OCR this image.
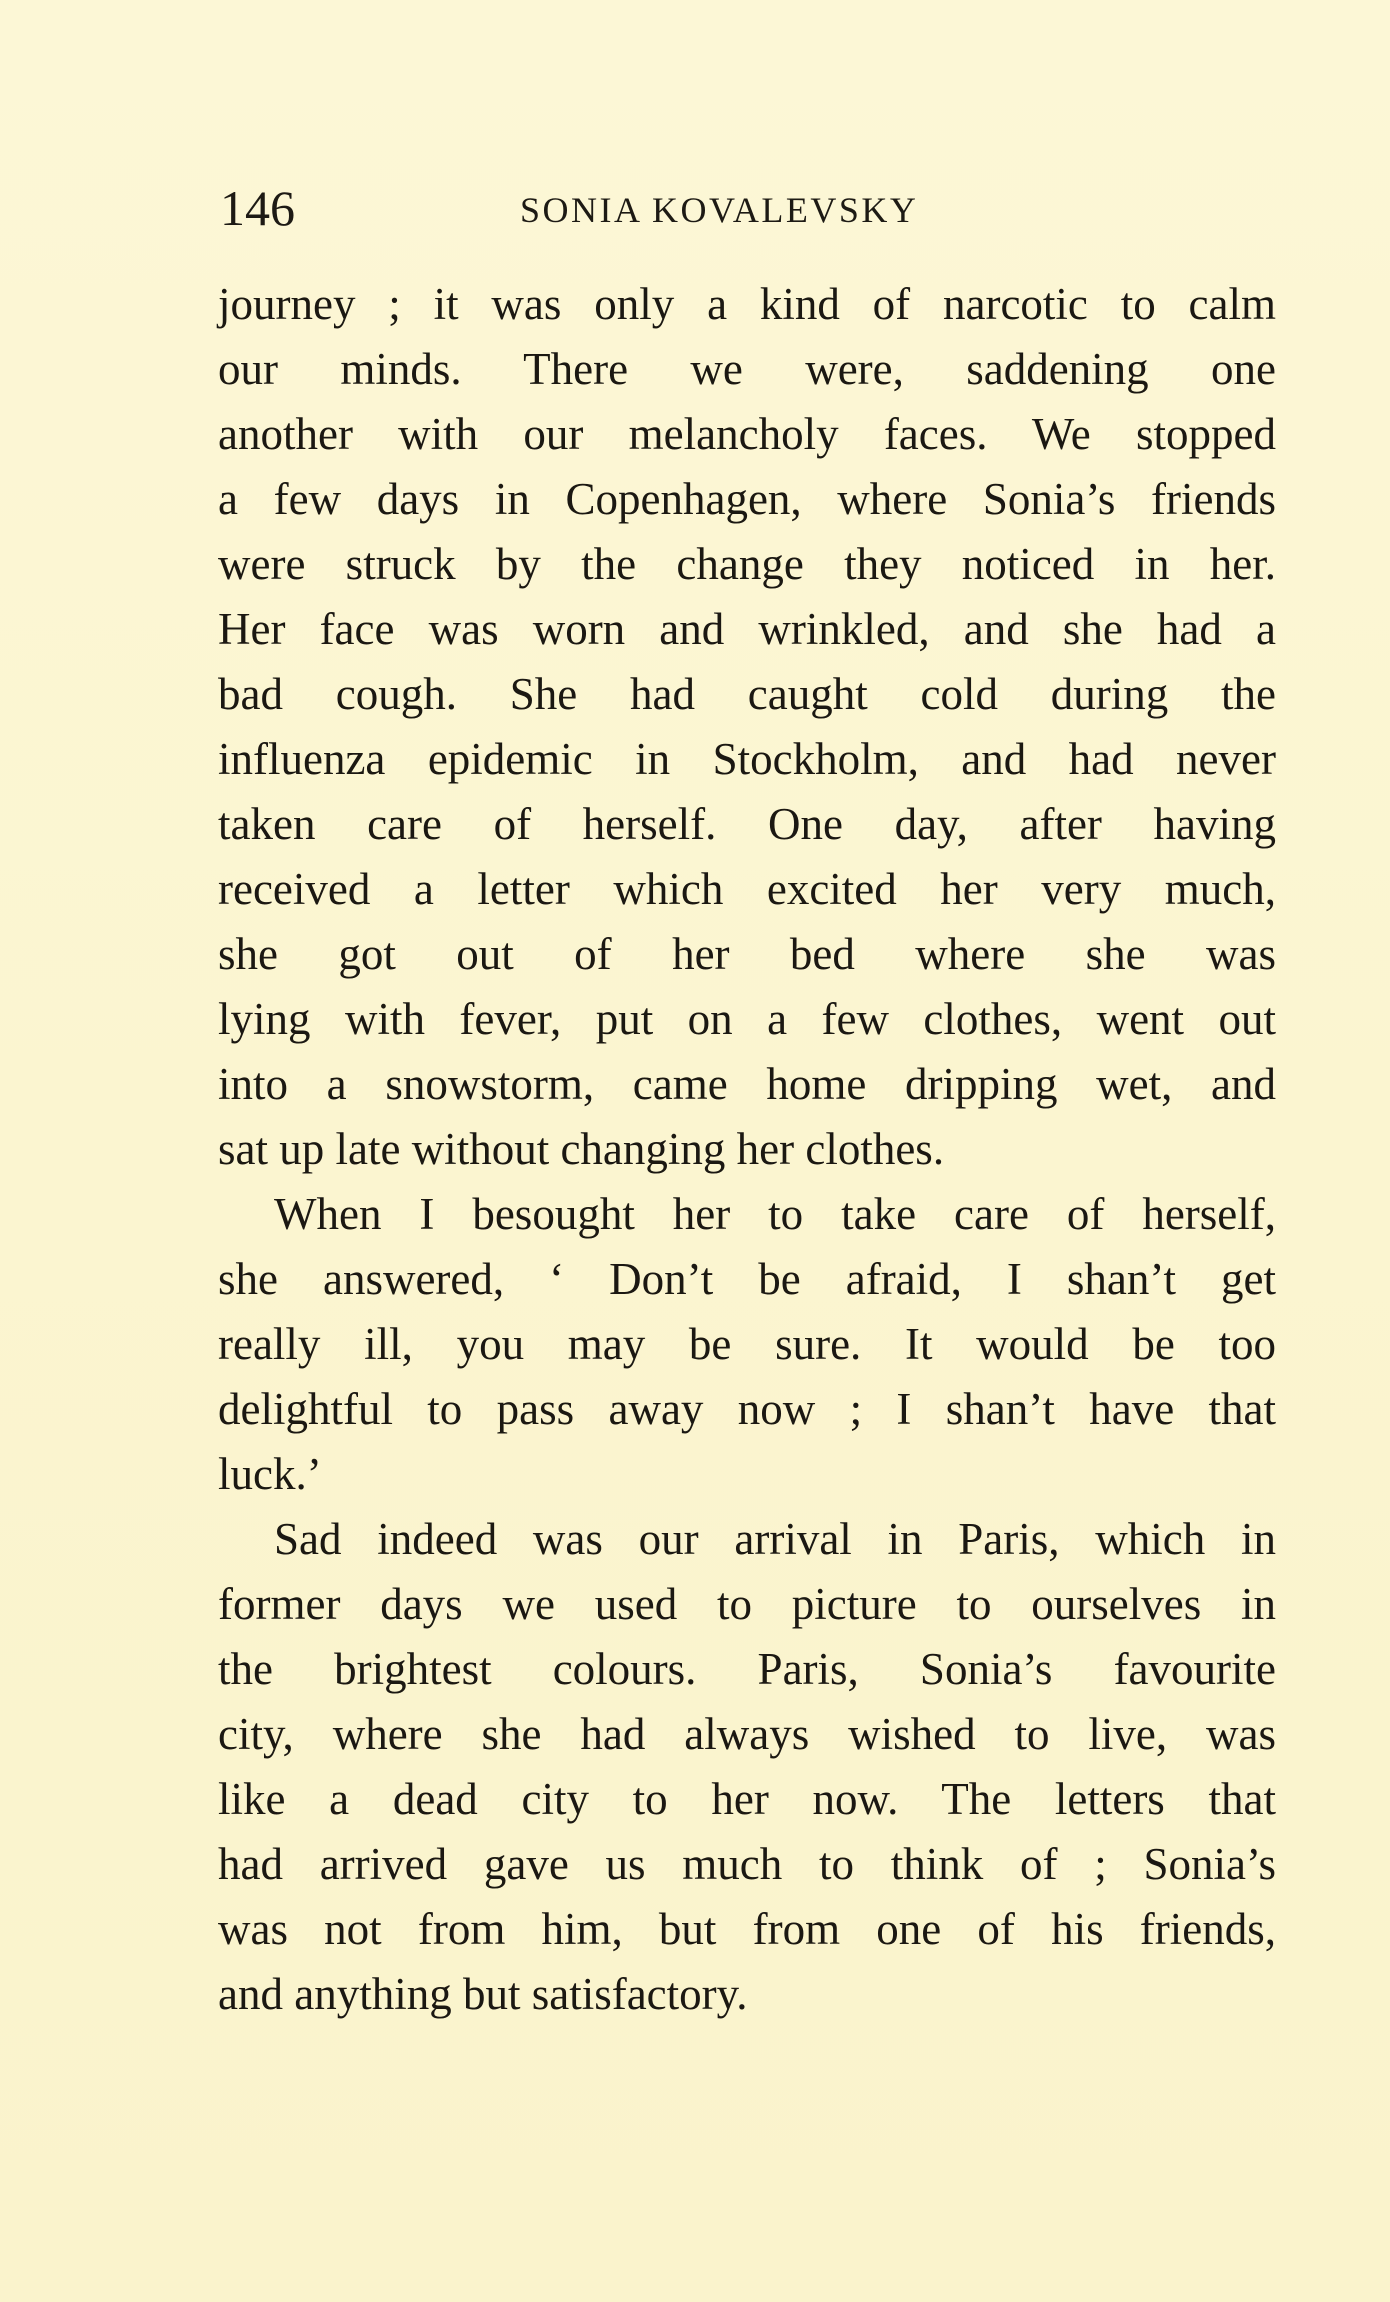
146	SONIA KOVALEVSKY
journey ; it was only a kind of narcotic to calm
our minds. There we were, saddening one
another with our melancholy faces. We stopped
a few days in Copenhagen, where Sonia’s friends
were struck by the change they noticed in her.
Her face was worn and wrinkled, and she had a
bad cough. She had caught cold during the
influenza epidemic in Stockholm, and had never
taken care of herself. One day, after having
received a letter which excited her very much,
she got out of her bed where she was
lying with fever, put on a few clothes, went out
into a snowstorm, came home dripping wet, and
sat up late without changing her clothes.
When I besought her to take care of herself,
she answered, ‘ Don’t be afraid, I shan’t get
really ill, you may be sure. It would be too
delightful to pass away now ; I shan’t have that
luck.’
Sad indeed was our arrival in Paris, which in
former days we used to picture to ourselves in
the brightest colours. Paris, Sonia’s favourite
city, where she had always wished to live, was
like a dead city to her now. The letters that
had arrived gave us much to think of ; Sonia’s
was not from him, but from one of his friends,
and anything but satisfactory.
